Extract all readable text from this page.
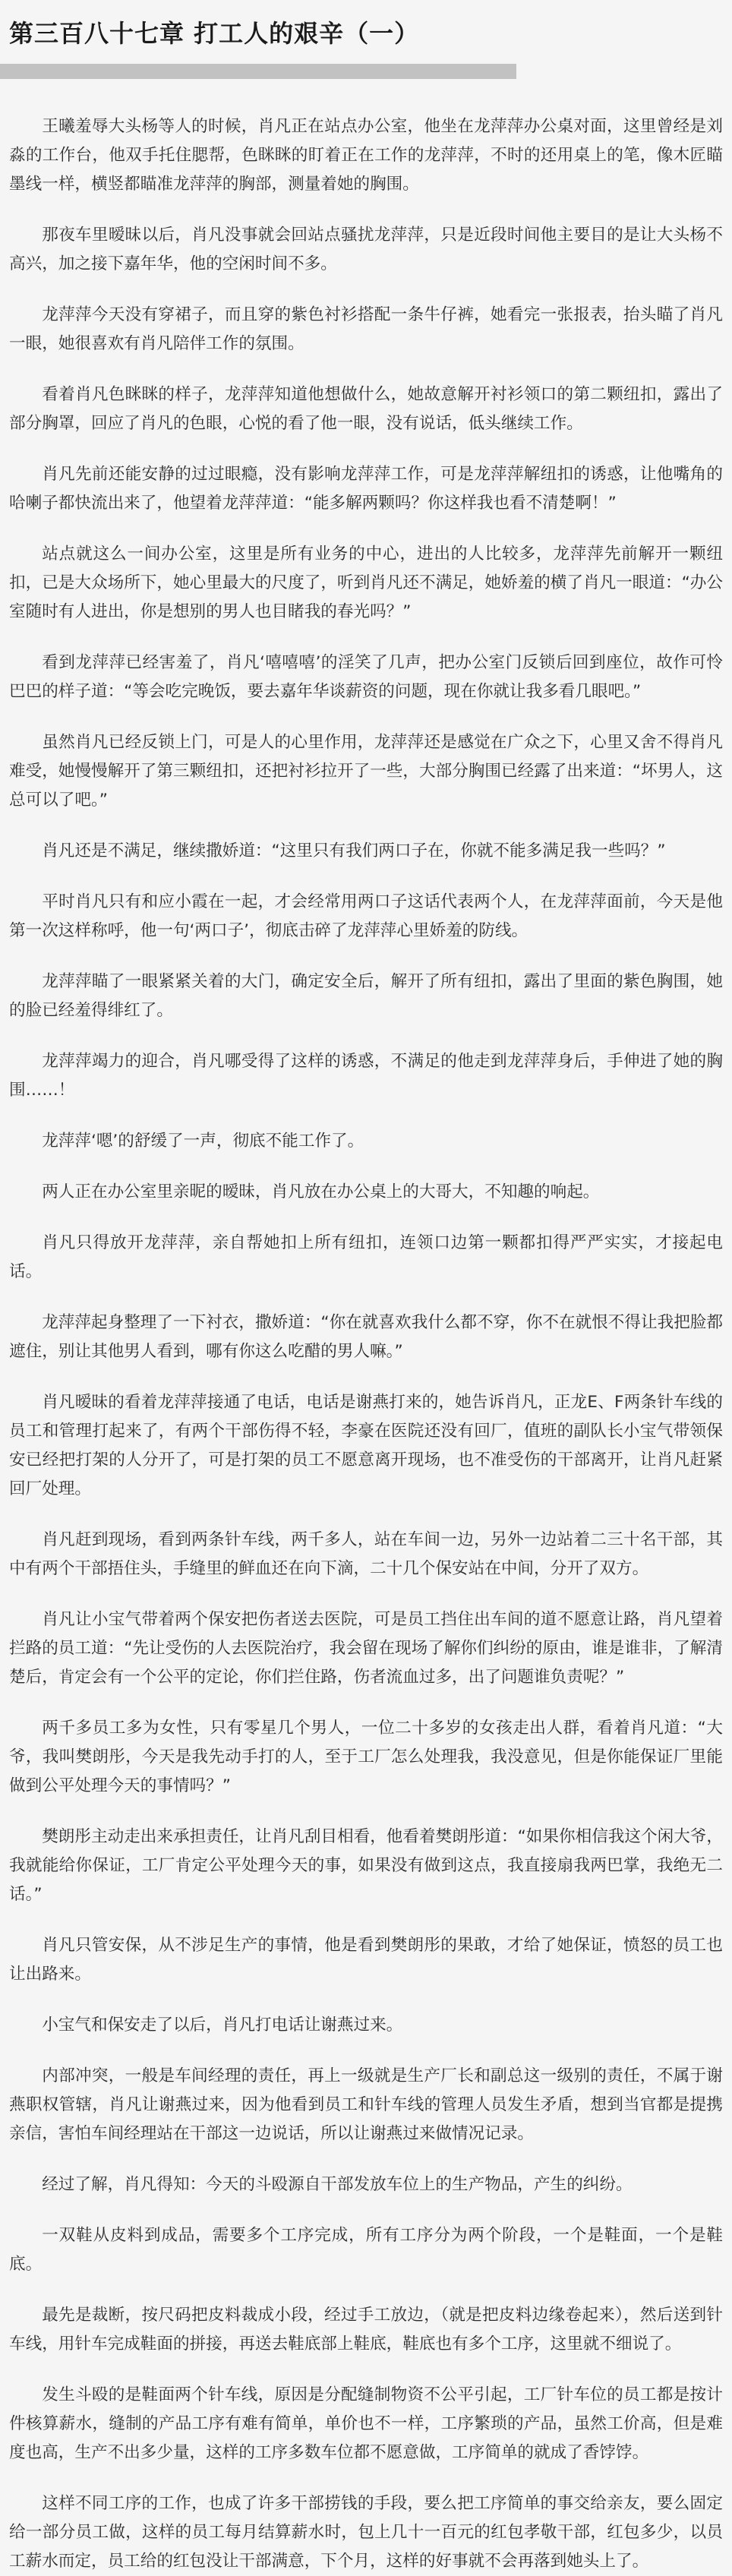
第三百八十七章 打工人的艰辛（一）

王曦羞辱大头杨等人的时候，肖凡正在站点办公室，他坐在龙萍萍办公桌对面，这里曾经是刘淼的工作台，他双手托住腮帮，色眯眯的盯着正在工作的龙萍萍，不时的还用桌上的笔，像木匠瞄墨线一样，横竖都瞄准龙萍萍的胸部，测量着她的胸围。

那夜车里暧昧以后，肖凡没事就会回站点骚扰龙萍萍，只是近段时间他主要目的是让大头杨不高兴，加之接下嘉年华，他的空闲时间不多。

龙萍萍今天没有穿裙子，而且穿的紫色衬衫搭配一条牛仔裤，她看完一张报表，抬头瞄了肖凡一眼，她很喜欢有肖凡陪伴工作的氛围。

看着肖凡色眯眯的样子，龙萍萍知道他想做什么，她故意解开衬衫领口的第二颗纽扣，露出了部分胸罩，回应了肖凡的色眼，心悦的看了他一眼，没有说话，低头继续工作。

肖凡先前还能安静的过过眼瘾，没有影响龙萍萍工作，可是龙萍萍解纽扣的诱惑，让他嘴角的哈喇子都快流出来了，他望着龙萍萍道：“能多解两颗吗？你这样我也看不清楚啊！”

站点就这么一间办公室，这里是所有业务的中心，进出的人比较多，龙萍萍先前解开一颗纽扣，已是大众场所下，她心里最大的尺度了，听到肖凡还不满足，她娇羞的横了肖凡一眼道：“办公室随时有人进出，你是想别的男人也目睹我的春光吗？”

看到龙萍萍已经害羞了，肖凡‘嘻嘻嘻’的淫笑了几声，把办公室门反锁后回到座位，故作可怜巴巴的样子道：“等会吃完晚饭，要去嘉年华谈薪资的问题，现在你就让我多看几眼吧。”

虽然肖凡已经反锁上门，可是人的心里作用，龙萍萍还是感觉在广众之下，心里又舍不得肖凡难受，她慢慢解开了第三颗纽扣，还把衬衫拉开了一些，大部分胸围已经露了出来道：“坏男人，这总可以了吧。”

肖凡还是不满足，继续撒娇道：“这里只有我们两口子在，你就不能多满足我一些吗？”

平时肖凡只有和应小霞在一起，才会经常用两口子这话代表两个人，在龙萍萍面前，今天是他第一次这样称呼，他一句‘两口子’，彻底击碎了龙萍萍心里娇羞的防线。

龙萍萍瞄了一眼紧紧关着的大门，确定安全后，解开了所有纽扣，露出了里面的紫色胸围，她的脸已经羞得绯红了。

龙萍萍竭力的迎合，肖凡哪受得了这样的诱惑，不满足的他走到龙萍萍身后，手伸进了她的胸围……！

龙萍萍‘嗯’的舒缓了一声，彻底不能工作了。

两人正在办公室里亲昵的暧昧，肖凡放在办公桌上的大哥大，不知趣的响起。

肖凡只得放开龙萍萍，亲自帮她扣上所有纽扣，连领口边第一颗都扣得严严实实，才接起电话。

龙萍萍起身整理了一下衬衣，撒娇道：“你在就喜欢我什么都不穿，你不在就恨不得让我把脸都遮住，别让其他男人看到，哪有你这么吃醋的男人嘛。”

肖凡暧昧的看着龙萍萍接通了电话，电话是谢燕打来的，她告诉肖凡，正龙E、F两条针车线的员工和管理打起来了，有两个干部伤得不轻，李豪在医院还没有回厂，值班的副队长小宝气带领保安已经把打架的人分开了，可是打架的员工不愿意离开现场，也不准受伤的干部离开，让肖凡赶紧回厂处理。

肖凡赶到现场，看到两条针车线，两千多人，站在车间一边，另外一边站着二三十名干部，其中有两个干部捂住头，手缝里的鲜血还在向下滴，二十几个保安站在中间，分开了双方。

肖凡让小宝气带着两个保安把伤者送去医院，可是员工挡住出车间的道不愿意让路，肖凡望着拦路的员工道：“先让受伤的人去医院治疗，我会留在现场了解你们纠纷的原由，谁是谁非，了解清楚后，肯定会有一个公平的定论，你们拦住路，伤者流血过多，出了问题谁负责呢？”

两千多员工多为女性，只有零星几个男人，一位二十多岁的女孩走出人群，看着肖凡道：“大爷，我叫樊朗彤，今天是我先动手打的人，至于工厂怎么处理我，我没意见，但是你能保证厂里能做到公平处理今天的事情吗？”

樊朗彤主动走出来承担责任，让肖凡刮目相看，他看着樊朗彤道：“如果你相信我这个闲大爷，我就能给你保证，工厂肯定公平处理今天的事，如果没有做到这点，我直接扇我两巴掌，我绝无二话。”

肖凡只管安保，从不涉足生产的事情，他是看到樊朗彤的果敢，才给了她保证，愤怒的员工也让出路来。

小宝气和保安走了以后，肖凡打电话让谢燕过来。

内部冲突，一般是车间经理的责任，再上一级就是生产厂长和副总这一级别的责任，不属于谢燕职权管辖，肖凡让谢燕过来，因为他看到员工和针车线的管理人员发生矛盾，想到当官都是提携亲信，害怕车间经理站在干部这一边说话，所以让谢燕过来做情况记录。

经过了解，肖凡得知：今天的斗殴源自干部发放车位上的生产物品，产生的纠纷。

一双鞋从皮料到成品，需要多个工序完成，所有工序分为两个阶段，一个是鞋面，一个是鞋底。

最先是裁断，按尺码把皮料裁成小段，经过手工放边，（就是把皮料边缘卷起来），然后送到针车线，用针车完成鞋面的拼接，再送去鞋底部上鞋底，鞋底也有多个工序，这里就不细说了。

发生斗殴的是鞋面两个针车线，原因是分配缝制物资不公平引起，工厂针车位的员工都是按计件核算薪水，缝制的产品工序有难有简单，单价也不一样，工序繁琐的产品，虽然工价高，但是难度也高，生产不出多少量，这样的工序多数车位都不愿意做，工序简单的就成了香饽饽。

这样不同工序的工作，也成了许多干部捞钱的手段，要么把工序简单的事交给亲友，要么固定给一部分员工做，这样的员工每月结算薪水时，包上几十一百元的红包孝敬干部，红包多少，以员工薪水而定，员工给的红包没让干部满意，下个月，这样的好事就不会再落到她头上了。
